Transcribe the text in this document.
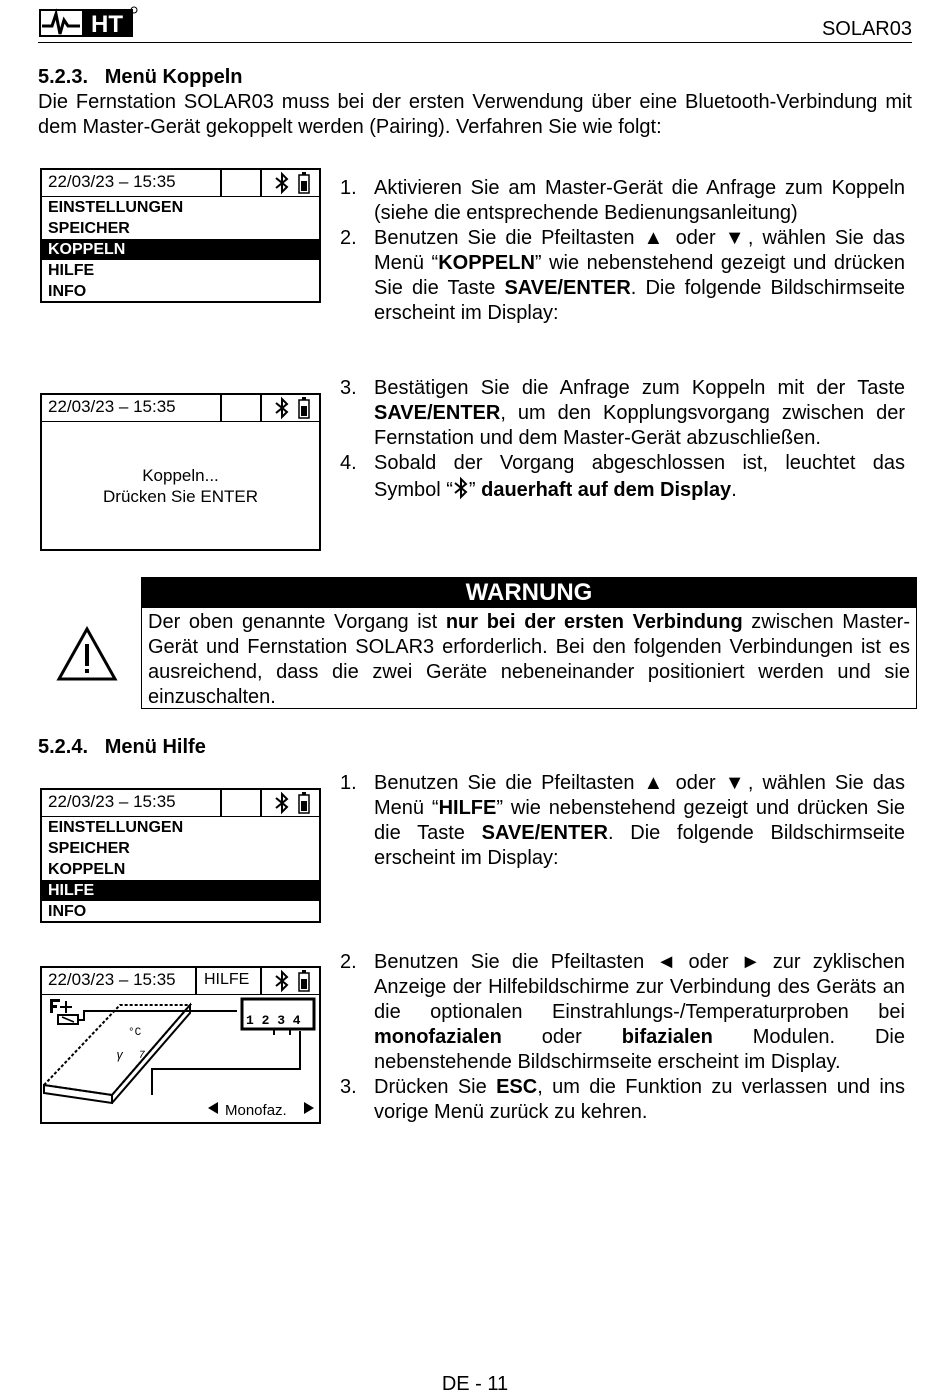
HT	SOLAR03
5.2.3. Menü Koppeln
Die Fernstation SOLAR03 muss bei der ersten Verwendung über eine Bluetooth-Verbindung mit dem Master-Gerät gekoppelt werden (Pairing). Verfahren Sie wie folgt:
22/03/23 – 15:35
EINSTELLUNGEN
SPEICHER
KOPPELN
HILFE
INFO
22/03/23 – 15:35
Koppeln...
Drücken Sie ENTER
1. Aktivieren Sie am Master-Gerät die Anfrage zum Koppeln (siehe die entsprechende Bedienungsanleitung)
2. Benutzen Sie die Pfeiltasten ▲ oder ▼, wählen Sie das Menü “KOPPELN” wie nebenstehend gezeigt und drücken Sie die Taste SAVE/ENTER. Die folgende Bildschirmseite erscheint im Display:
3. Bestätigen Sie die Anfrage zum Koppeln mit der Taste SAVE/ENTER, um den Kopplungsvorgang zwischen der Fernstation und dem Master-Gerät abzuschließen.
4. Sobald der Vorgang abgeschlossen ist, leuchtet das Symbol “ ” dauerhaft auf dem Display.
WARNUNG
Der oben genannte Vorgang ist nur bei der ersten Verbindung zwischen Master-Gerät und Fernstation SOLAR3 erforderlich. Bei den folgenden Verbindungen ist es ausreichend, dass die zwei Geräte nebeneinander positioniert werden und sie einzuschalten.
5.2.4. Menü Hilfe
22/03/23 – 15:35
EINSTELLUNGEN
SPEICHER
KOPPELN
HILFE
INFO
22/03/23 – 15:35 HILFE
ᵞ ⁷
°C
1 2 3 4
Monofaz.
1. Benutzen Sie die Pfeiltasten ▲ oder ▼, wählen Sie das Menü “HILFE” wie nebenstehend gezeigt und drücken Sie die Taste SAVE/ENTER. Die folgende Bildschirmseite erscheint im Display:
2. Benutzen Sie die Pfeiltasten ◄ oder ► zur zyklischen Anzeige der Hilfebildschirme zur Verbindung des Geräts an die optionalen Einstrahlungs-/Temperaturproben bei monofazialen oder bifazialen Modulen. Die nebenstehende Bildschirmseite erscheint im Display.
3. Drücken Sie ESC, um die Funktion zu verlassen und ins vorige Menü zurück zu kehren.
DE - 11
